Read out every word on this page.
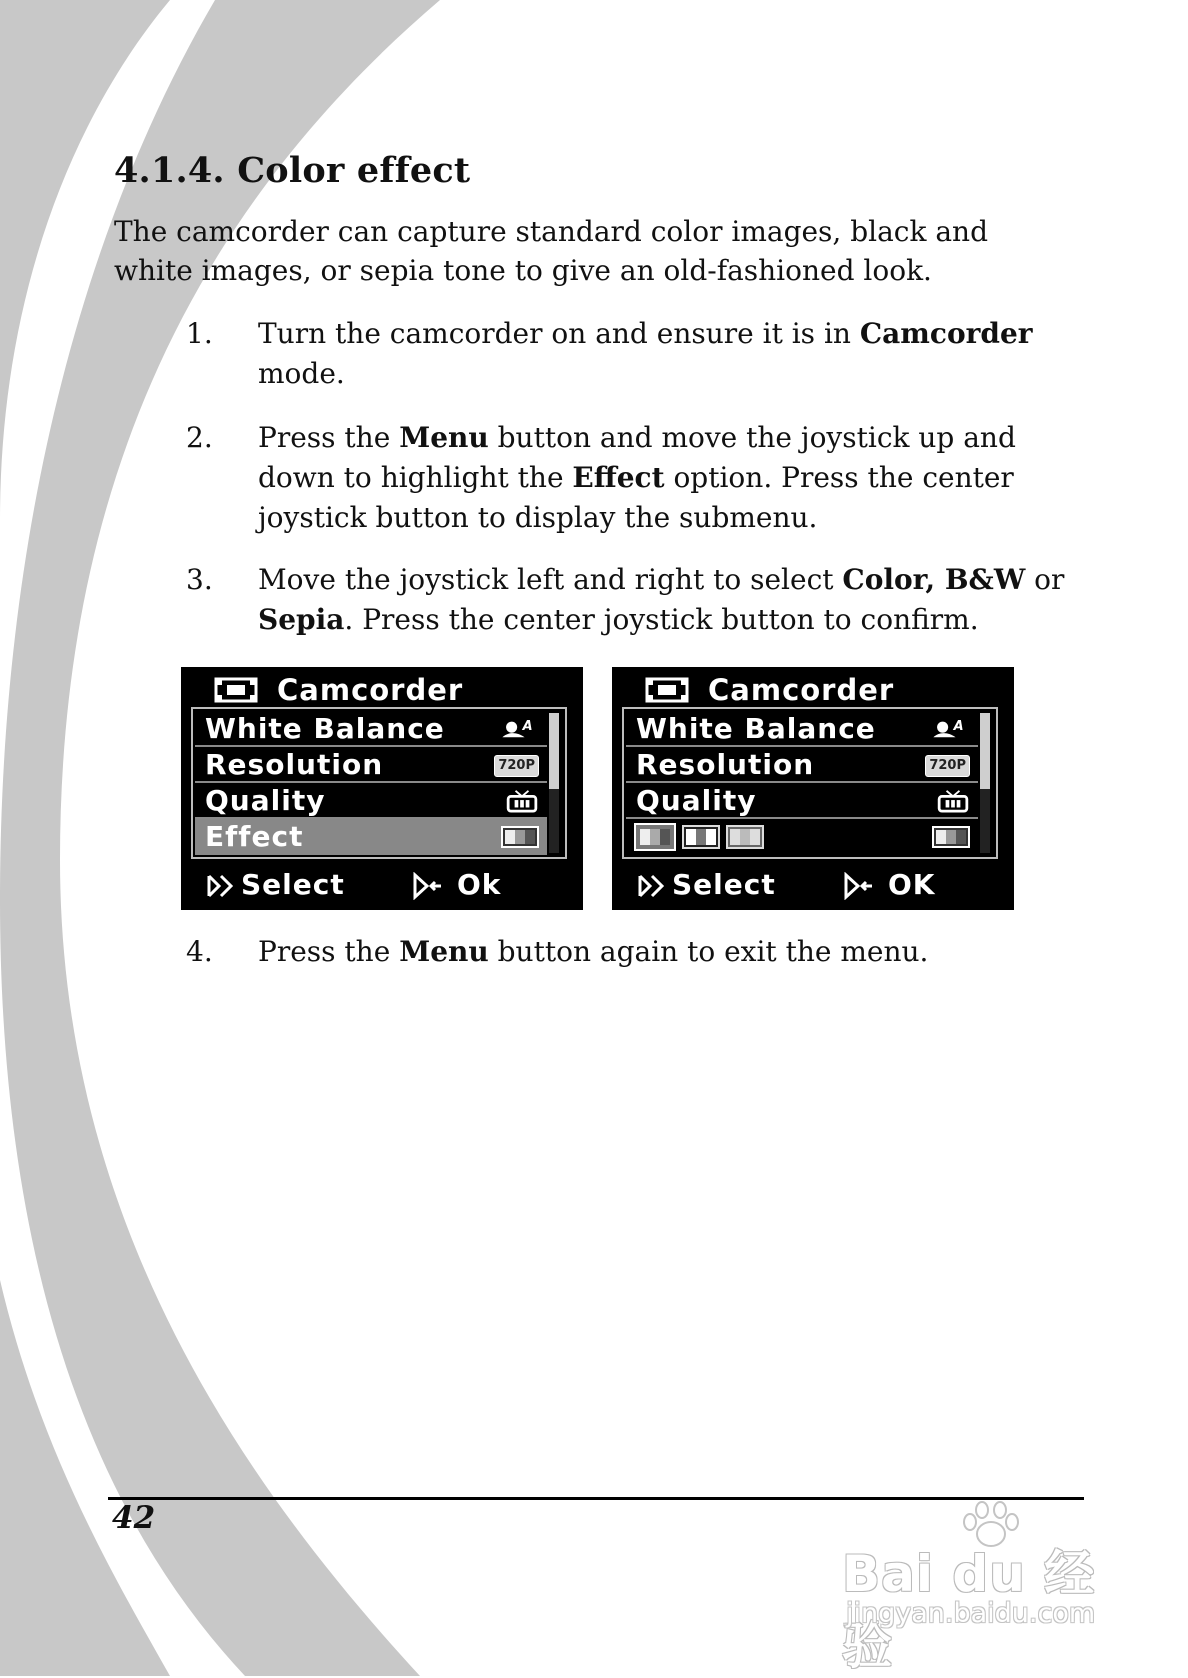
4.1.4. Color effect

The camcorder can capture standard color images, black and white images, or sepia tone to give an old-fashioned look.

1.	Turn the camcorder on and ensure it is in Camcorder
mode.
2.	Press the Menu button and move the joystick up and down to highlight the Effect option. Press the center joystick button to display the submenu.
3.	Move the joystick left and right to select Color, B&W or
Sepia. Press the center joystick button to confirm.
Camcorder
White Balance	A
Resolution	720P
Quality
Effect
Select	Ok
Camcorder
White Balance	A
Resolution	720P
Quality
Select	OK
4.	Press the Menu button again to exit the menu.
42
Bai du 经验
jingyan.baidu.com
